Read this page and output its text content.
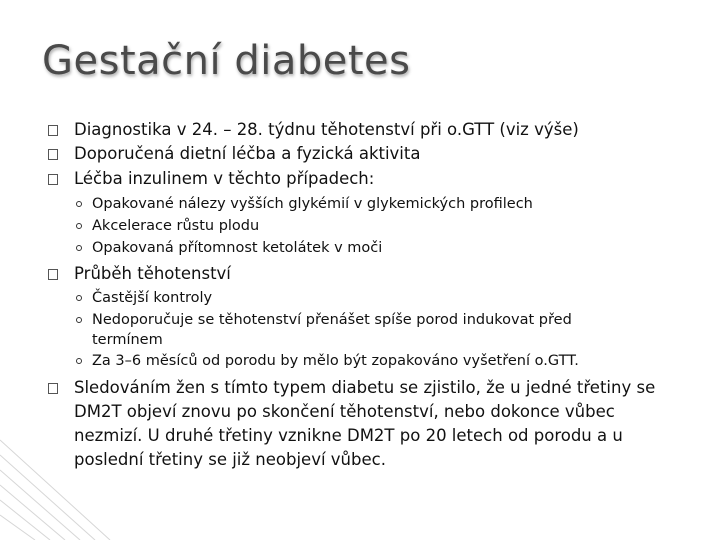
Gestační diabetes
Diagnostika v 24. – 28. týdnu těhotenství při o.GTT (viz výše)
Doporučená dietní léčba a fyzická aktivita
Léčba inzulinem v těchto případech:
Opakované nálezy vyšších glykémií v glykemických profilech
Akcelerace růstu plodu
Opakovaná přítomnost ketolátek v moči
Průběh těhotenství
Častější kontroly
Nedoporučuje se těhotenství přenášet spíše porod indukovat před termínem
Za 3–6 měsíců od porodu by mělo být zopakováno vyšetření o.GTT.
Sledováním žen s tímto typem diabetu se zjistilo, že u jedné třetiny se DM2T objeví znovu po skončení těhotenství, nebo dokonce vůbec nezmizí. U druhé třetiny vznikne DM2T po 20 letech od porodu a u poslední třetiny se již neobjeví vůbec.
